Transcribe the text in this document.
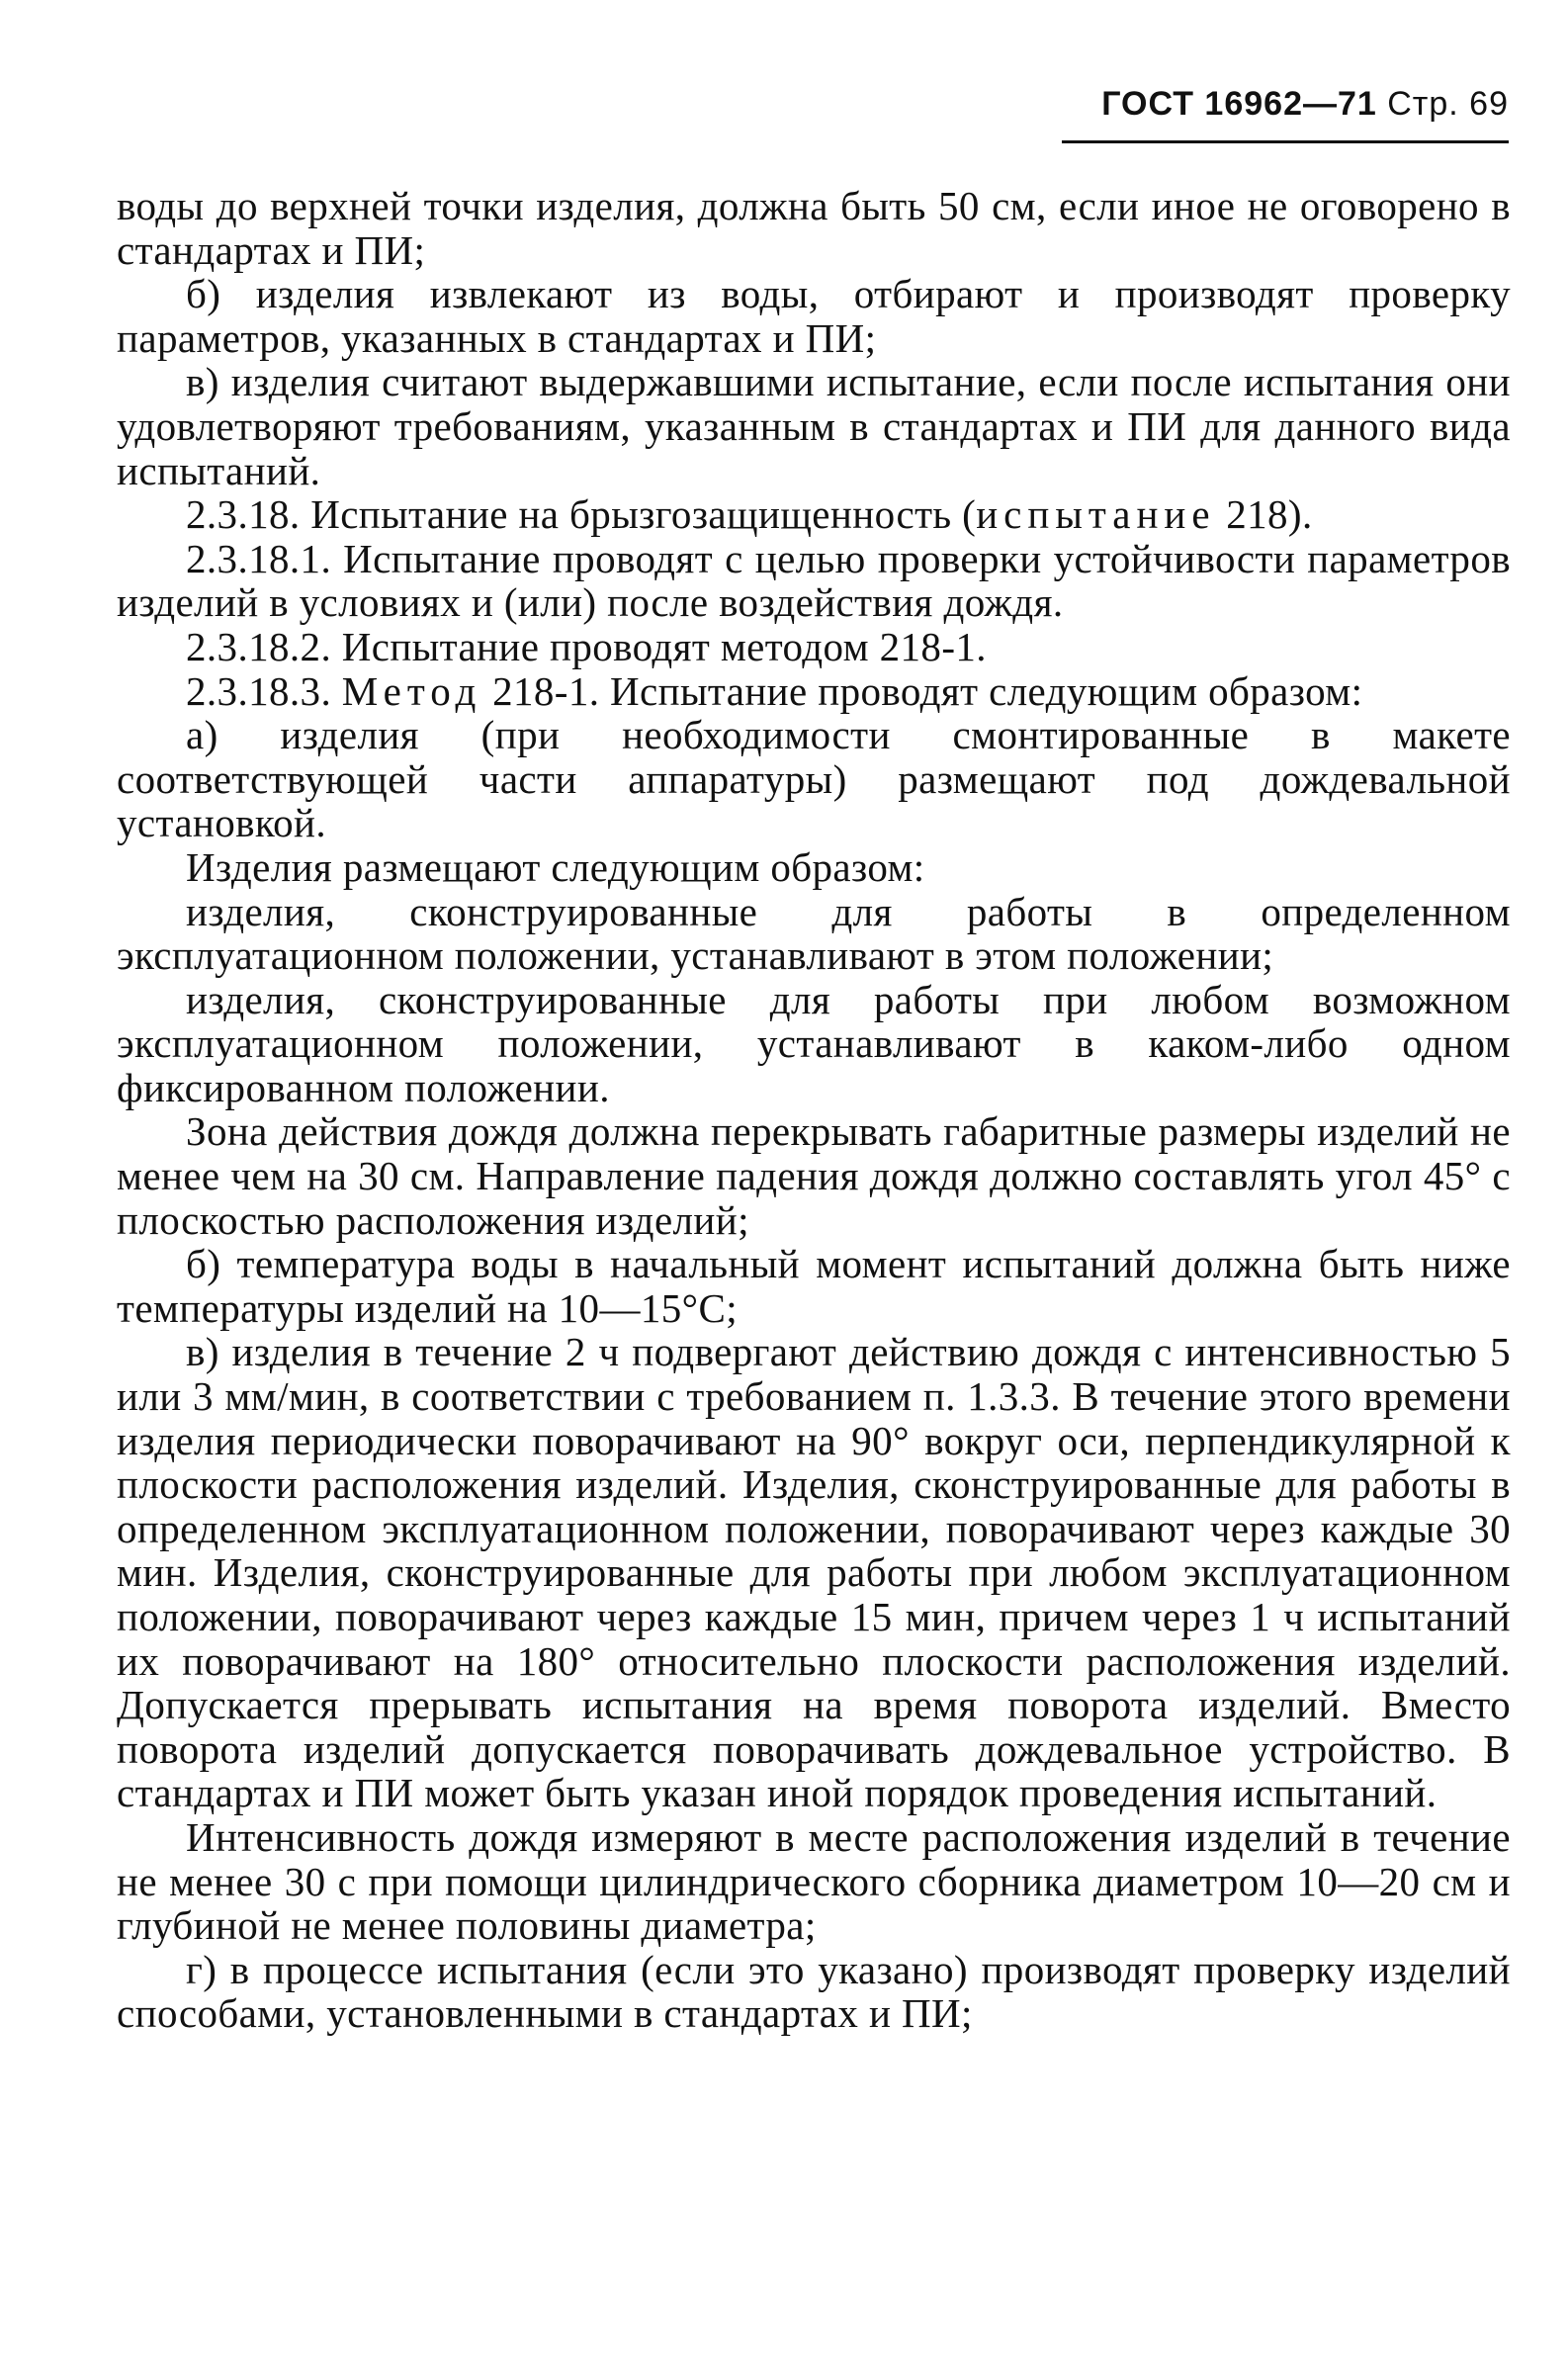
ГОСТ 16962—71 Стр. 69

воды до верхней точки изделия, должна быть 50 см, если иное не оговорено в стандартах и ПИ;

б) изделия извлекают из воды, отбирают и производят проверку параметров, указанных в стандартах и ПИ;

в) изделия считают выдержавшими испытание, если после испытания они удовлетворяют требованиям, указанным в стандартах и ПИ для данного вида испытаний.

2.3.18. Испытание на брызгозащищенность (испытание 218).

2.3.18.1. Испытание проводят с целью проверки устойчивости параметров изделий в условиях и (или) после воздействия дождя.

2.3.18.2. Испытание проводят методом 218-1.

2.3.18.3. Метод 218-1. Испытание проводят следующим образом:

а) изделия (при необходимости смонтированные в макете соответствующей части аппаратуры) размещают под дождевальной установкой.

Изделия размещают следующим образом:

изделия, сконструированные для работы в определенном эксплуатационном положении, устанавливают в этом положении;

изделия, сконструированные для работы при любом возможном эксплуатационном положении, устанавливают в каком-либо одном фиксированном положении.

Зона действия дождя должна перекрывать габаритные размеры изделий не менее чем на 30 см. Направление падения дождя должно составлять угол 45° с плоскостью расположения изделий;

б) температура воды в начальный момент испытаний должна быть ниже температуры изделий на 10—15°С;

в) изделия в течение 2 ч подвергают действию дождя с интенсивностью 5 или 3 мм/мин, в соответствии с требованием п. 1.3.3. В течение этого времени изделия периодически поворачивают на 90° вокруг оси, перпендикулярной к плоскости расположения изделий. Изделия, сконструированные для работы в определенном эксплуатационном положении, поворачивают через каждые 30 мин. Изделия, сконструированные для работы при любом эксплуатационном положении, поворачивают через каждые 15 мин, причем через 1 ч испытаний их поворачивают на 180° относительно плоскости расположения изделий. Допускается прерывать испытания на время поворота изделий. Вместо поворота изделий допускается поворачивать дождевальное устройство. В стандартах и ПИ может быть указан иной порядок проведения испытаний.

Интенсивность дождя измеряют в месте расположения изделий в течение не менее 30 с при помощи цилиндрического сборника диаметром 10—20 см и глубиной не менее половины диаметра;

г) в процессе испытания (если это указано) производят проверку изделий способами, установленными в стандартах и ПИ;
